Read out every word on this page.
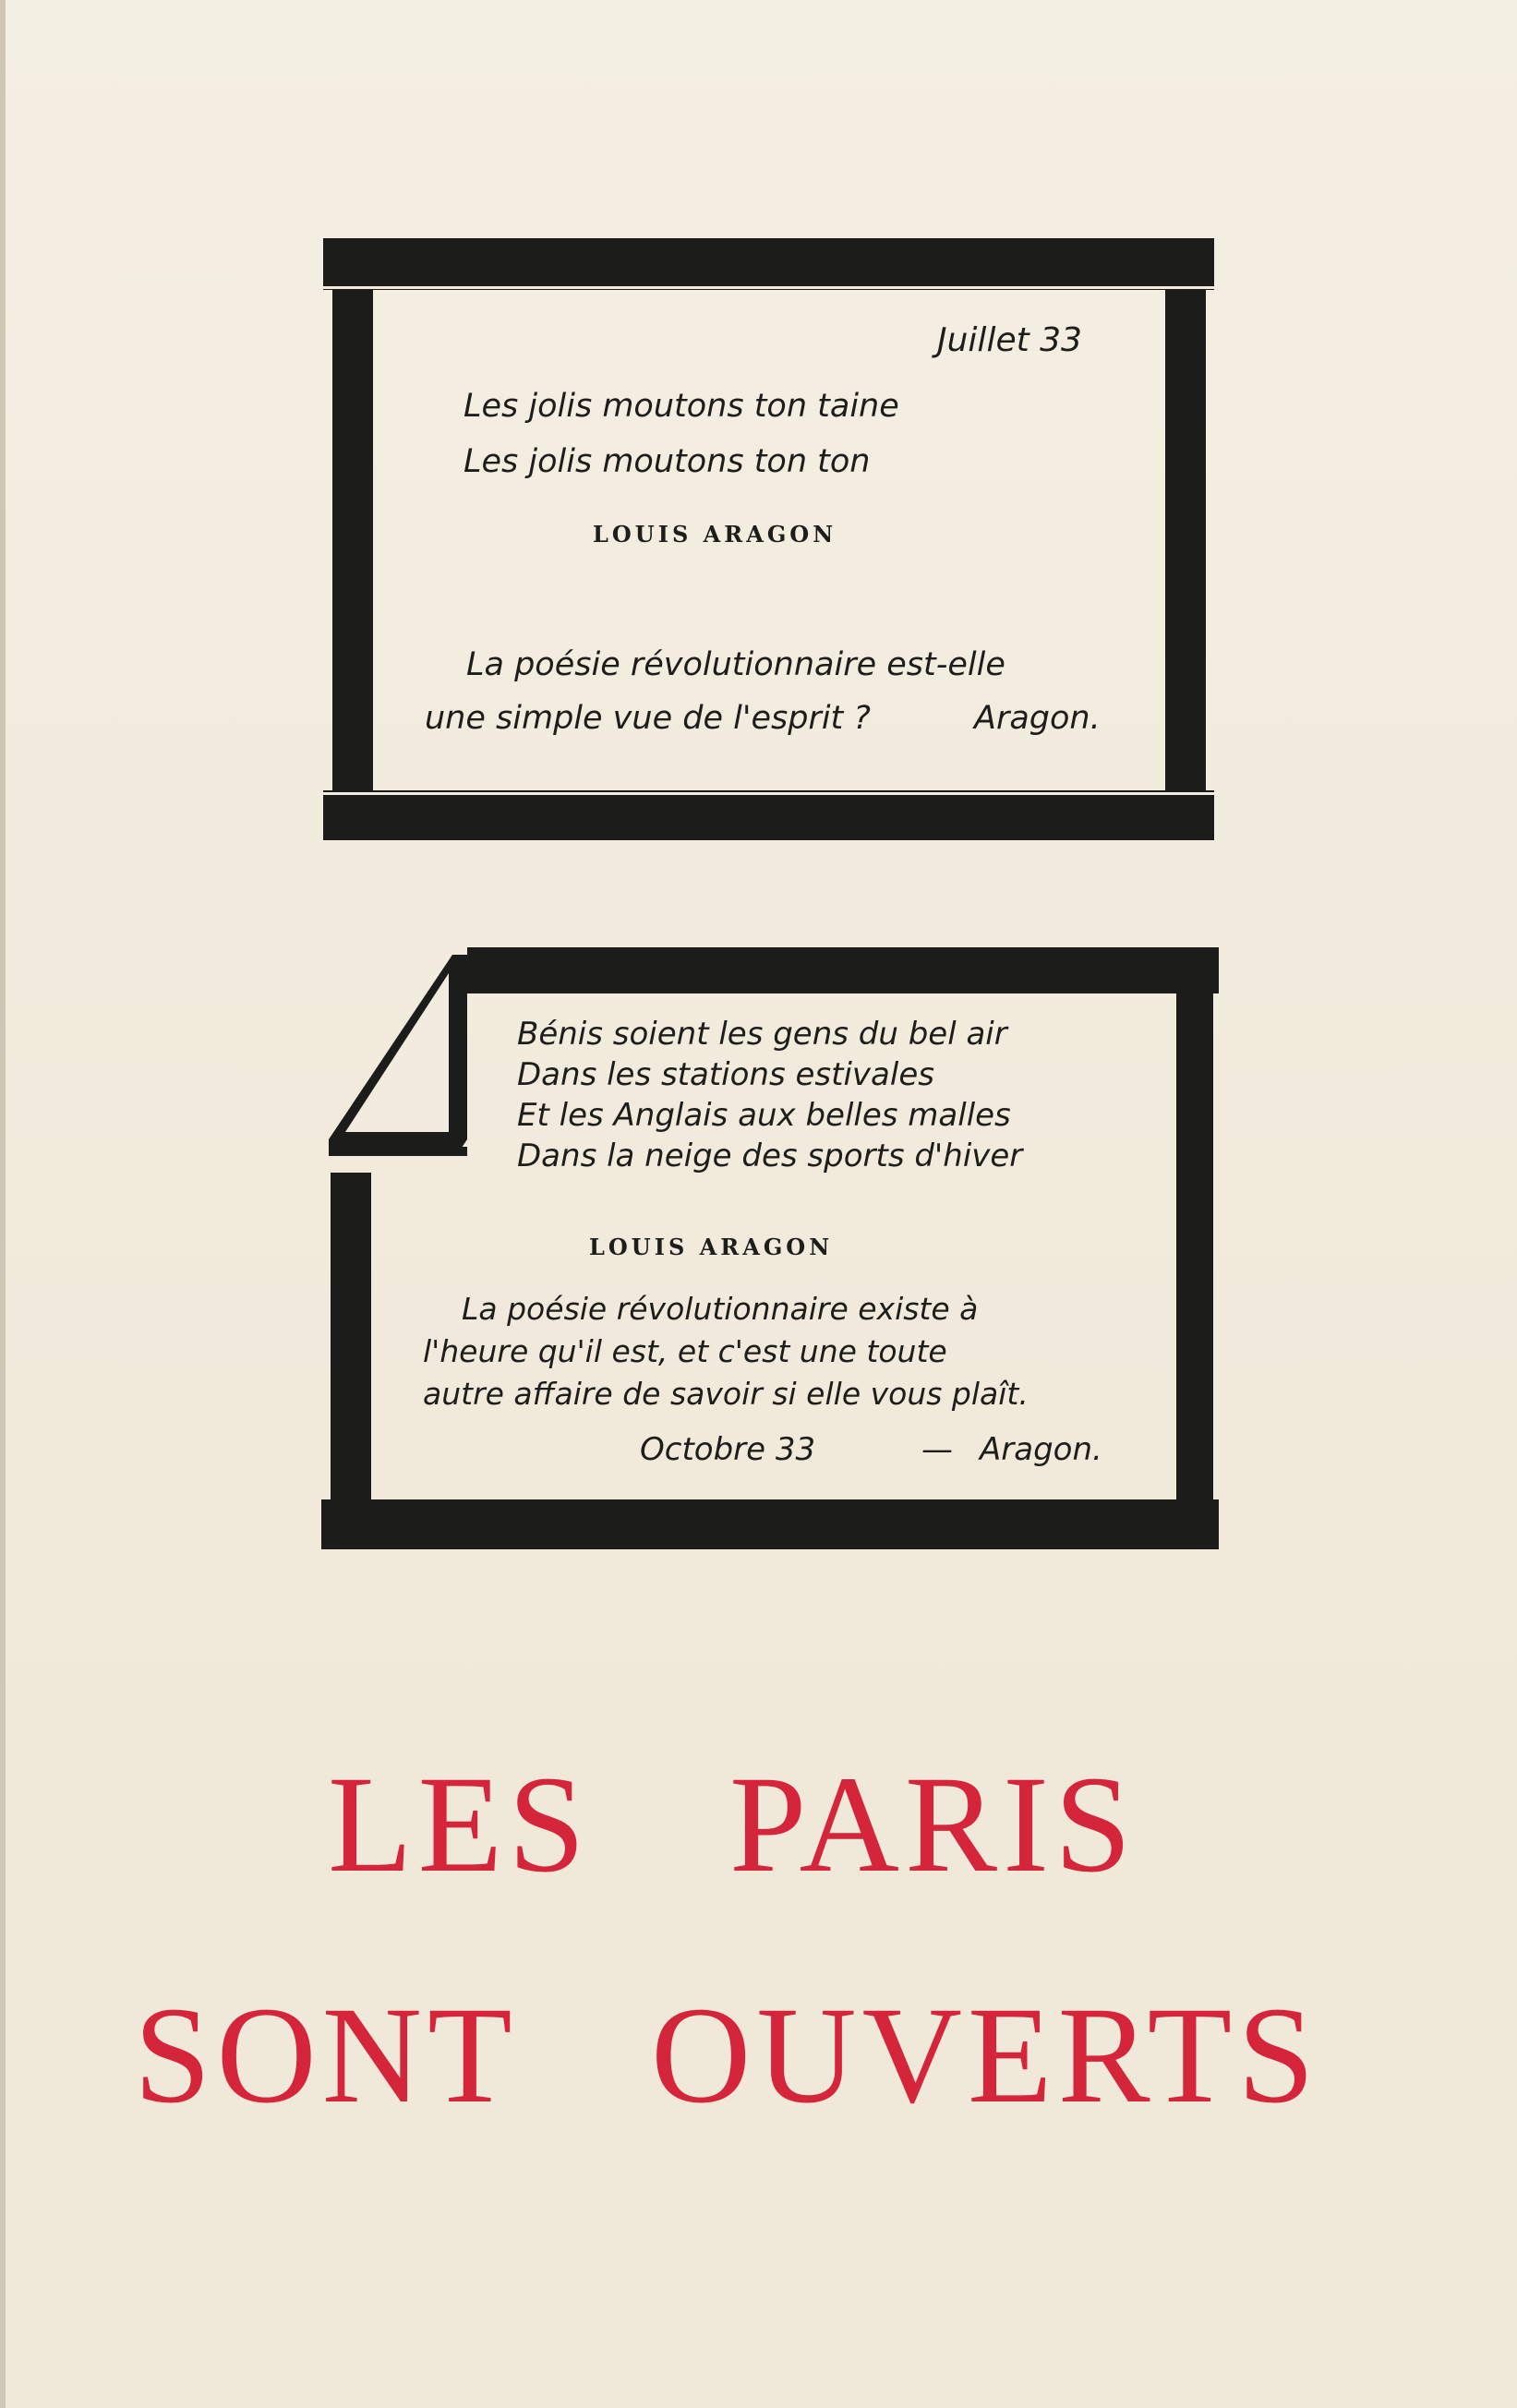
Juillet 33
Les jolis moutons ton taine
Les jolis moutons ton ton
LOUIS ARAGON
La poésie révolutionnaire est-elle
une simple vue de l'esprit ?	Aragon.
Bénis soient les gens du bel air
Dans les stations estivales
Et les Anglais aux belles malles
Dans la neige des sports d'hiver
LOUIS ARAGON
La poésie révolutionnaire existe à
l'heure qu'il est, et c'est une toute
autre affaire de savoir si elle vous plaît.
Octobre 33	— Aragon.
LES PARIS
SONT OUVERTS
